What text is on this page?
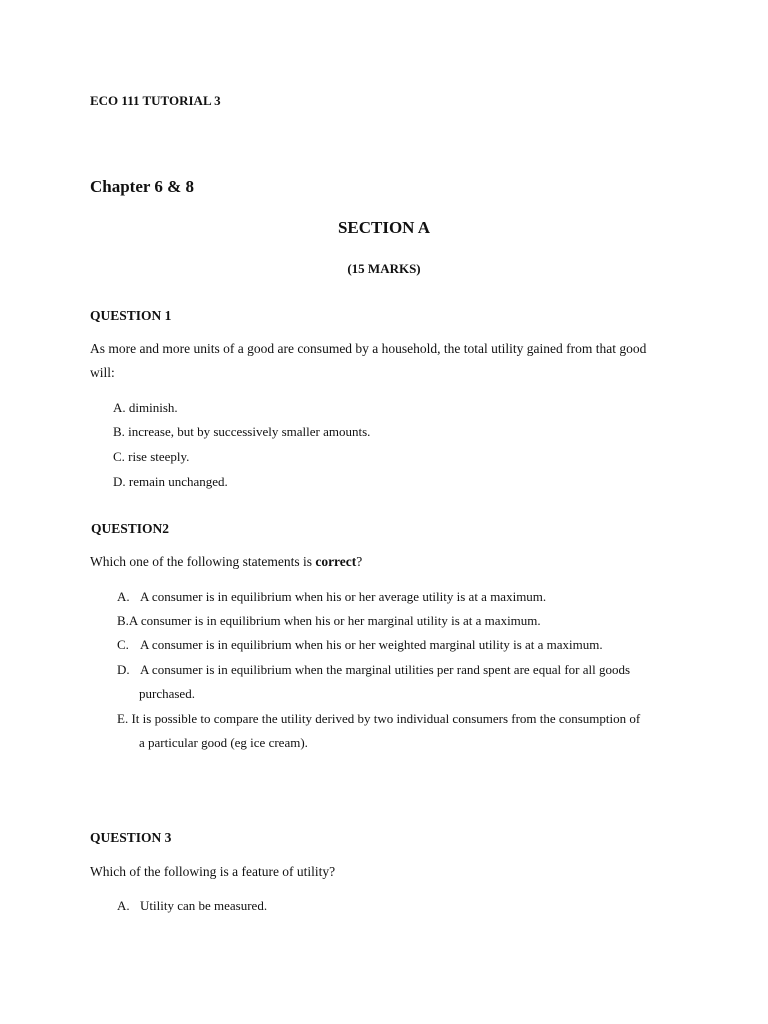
ECO 111 TUTORIAL 3
Chapter 6 & 8
SECTION A
(15 MARKS)
QUESTION 1
As more and more units of a good are consumed by a household, the total utility gained from that good
will:
A. diminish.
B. increase, but by successively smaller amounts.
C. rise steeply.
D. remain unchanged.
QUESTION2
Which one of the following statements is correct?
A. A consumer is in equilibrium when his or her average utility is at a maximum.
B.A consumer is in equilibrium when his or her marginal utility is at a maximum.
C. A consumer is in equilibrium when his or her weighted marginal utility is at a maximum.
D. A consumer is in equilibrium when the marginal utilities per rand spent are equal for all goods
purchased.
E. It is possible to compare the utility derived by two individual consumers from the consumption of
a particular good (eg ice cream).
QUESTION 3
Which of the following is a feature of utility?
A. Utility can be measured.
